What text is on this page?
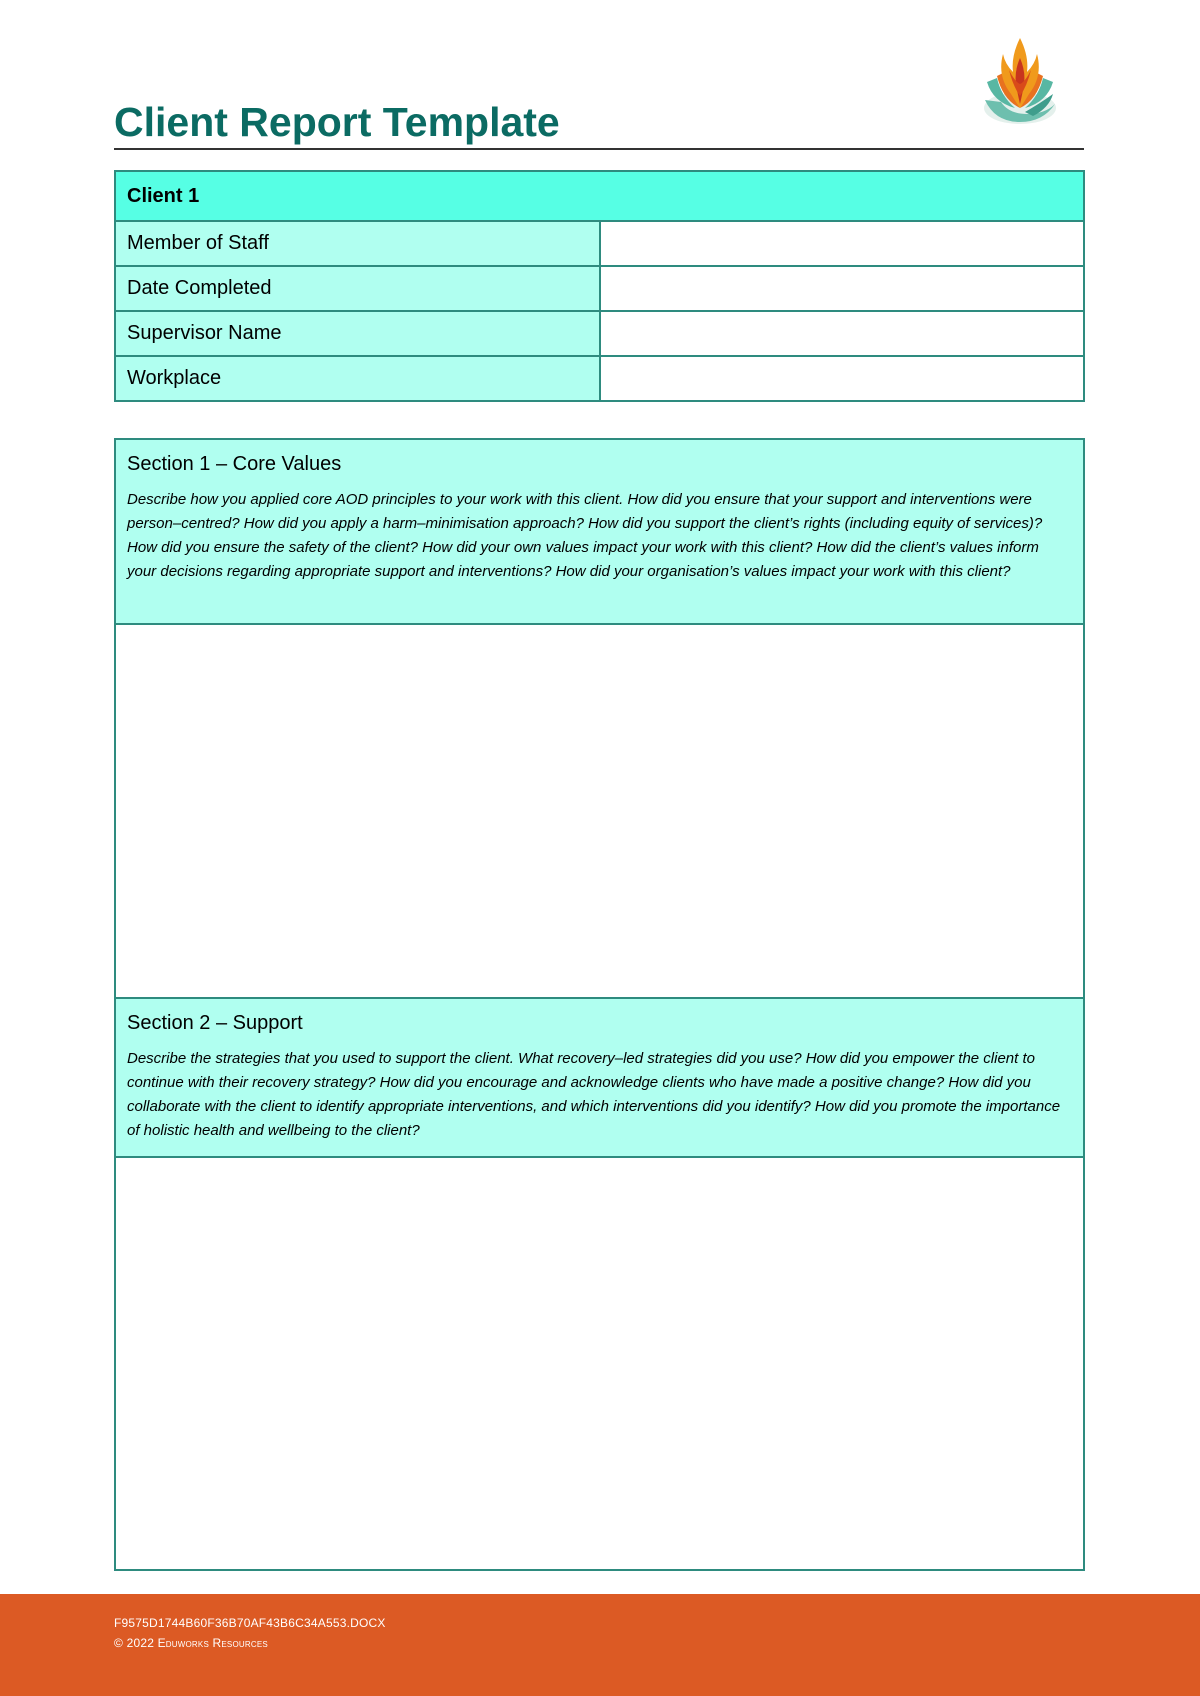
Client Report Template
Client 1	
Member of Staff	
Date Completed	
Supervisor Name	
Workplace	
Section 1 – Core Values

Describe how you applied core AOD principles to your work with this client. How did you ensure that your support and interventions were person–centred? How did you apply a harm–minimisation approach? How did you support the client’s rights (including equity of services)? How did you ensure the safety of the client? How did your own values impact your work with this client? How did the client’s values inform your decisions regarding appropriate support and interventions? How did your organisation’s values impact your work with this client?

Section 2 – Support

Describe the strategies that you used to support the client. What recovery–led strategies did you use? How did you empower the client to continue with their recovery strategy? How did you encourage and acknowledge clients who have made a positive change? How did you collaborate with the client to identify appropriate interventions, and which interventions did you identify? How did you promote the importance of holistic health and wellbeing to the client?

F9575D1744B60F36B70AF43B6C34A553.DOCX
© 2022 Eduworks Resources
